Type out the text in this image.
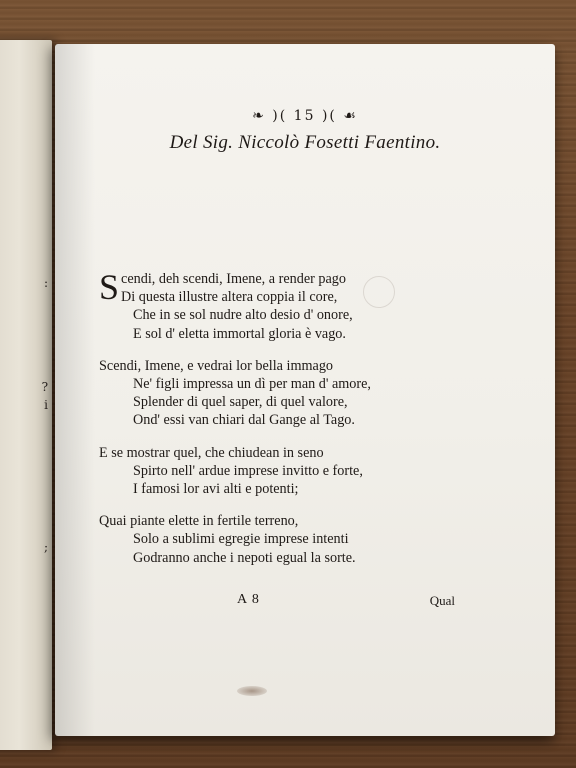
?
i
:
;
❧ )( 15 )( ☙
Del Sig. Niccolò Fosetti Faentino.
S cendi, deh scendi, Imene, a render pago
Di questa illustre altera coppia il core,
Che in se sol nudre alto desio d' onore,
E sol d' eletta immortal gloria è vago.
Scendi, Imene, e vedrai lor bella immago
Ne' figli impressa un dì per man d' amore,
Splender di quel saper, di quel valore,
Ond' essi van chiari dal Gange al Tago.
E se mostrar quel, che chiudean in seno
Spirto nell' ardue imprese invitto e forte,
I famosi lor avi alti e potenti;
Quai piante elette in fertile terreno,
Solo a sublimi egregie imprese intenti
Godranno anche i nepoti egual la sorte.
A 8	Qual
